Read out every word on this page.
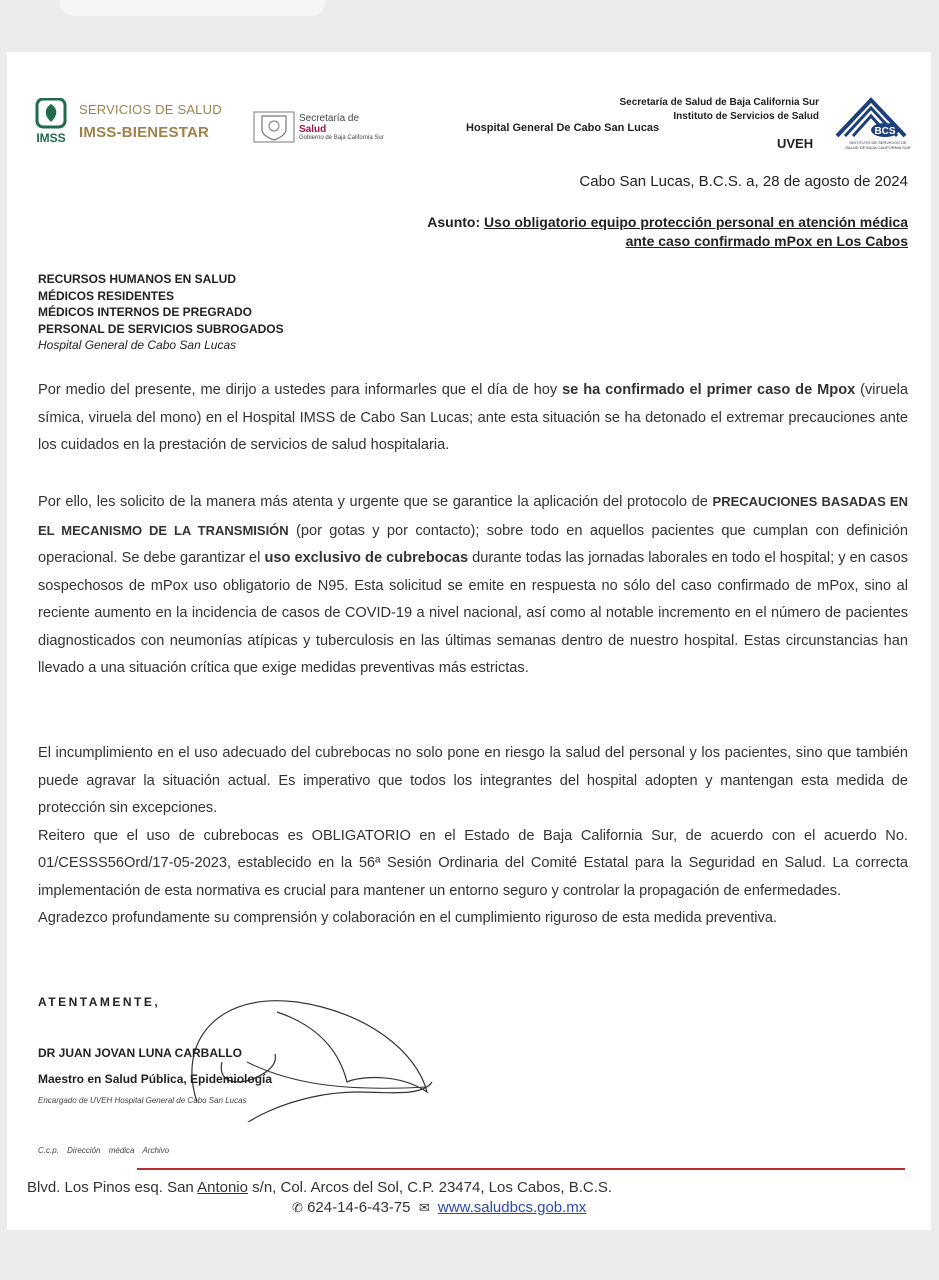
IMSS
SERVICIOS DE SALUD
IMSS-BIENESTAR
Secretaría de
Salud
Gobierno de Baja California Sur
Secretaría de Salud de Baja California Sur
Instituto de Servicios de Salud
Hospital General De Cabo San Lucas
UVEH
BCS
INSTITUTO DE SERVICIOS DE SALUD DE BAJA CALIFORNIA SUR
Cabo San Lucas, B.C.S. a, 28 de agosto de 2024
Asunto: Uso obligatorio equipo protección personal en atención médica
ante caso confirmado mPox en Los Cabos
RECURSOS HUMANOS EN SALUD
MÉDICOS RESIDENTES
MÉDICOS INTERNOS DE PREGRADO
PERSONAL DE SERVICIOS SUBROGADOS
Hospital General de Cabo San Lucas
Por medio del presente, me dirijo a ustedes para informarles que el día de hoy se ha confirmado el primer caso de Mpox (viruela símica, viruela del mono) en el Hospital IMSS de Cabo San Lucas; ante esta situación se ha detonado el extremar precauciones ante los cuidados en la prestación de servicios de salud hospitalaria.
Por ello, les solicito de la manera más atenta y urgente que se garantice la aplicación del protocolo de PRECAUCIONES BASADAS EN EL MECANISMO DE LA TRANSMISIÓN (por gotas y por contacto); sobre todo en aquellos pacientes que cumplan con definición operacional. Se debe garantizar el uso exclusivo de cubrebocas durante todas las jornadas laborales en todo el hospital; y en casos sospechosos de mPox uso obligatorio de N95. Esta solicitud se emite en respuesta no sólo del caso confirmado de mPox, sino al reciente aumento en la incidencia de casos de COVID-19 a nivel nacional, así como al notable incremento en el número de pacientes diagnosticados con neumonías atípicas y tuberculosis en las últimas semanas dentro de nuestro hospital. Estas circunstancias han llevado a una situación crítica que exige medidas preventivas más estrictas.

El incumplimiento en el uso adecuado del cubrebocas no solo pone en riesgo la salud del personal y los pacientes, sino que también puede agravar la situación actual. Es imperativo que todos los integrantes del hospital adopten y mantengan esta medida de protección sin excepciones.

Reitero que el uso de cubrebocas es OBLIGATORIO en el Estado de Baja California Sur, de acuerdo con el acuerdo No. 01/CESSS56Ord/17-05-2023, establecido en la 56ª Sesión Ordinaria del Comité Estatal para la Seguridad en Salud. La correcta implementación de esta normativa es crucial para mantener un entorno seguro y controlar la propagación de enfermedades.

Agradezco profundamente su comprensión y colaboración en el cumplimiento riguroso de esta medida preventiva.

ATENTAMENTE,
DR JUAN JOVAN LUNA CARBALLO
Maestro en Salud Pública, Epidemiología
Encargado de UVEH Hospital General de Cabo San Lucas
C.c.p. Dirección médica Archivo
Blvd. Los Pinos esq. San Antonio s/n, Col. Arcos del Sol, C.P. 23474, Los Cabos, B.C.S.
✆ 624-14-6-43-75 ✉ www.saludbcs.gob.mx
